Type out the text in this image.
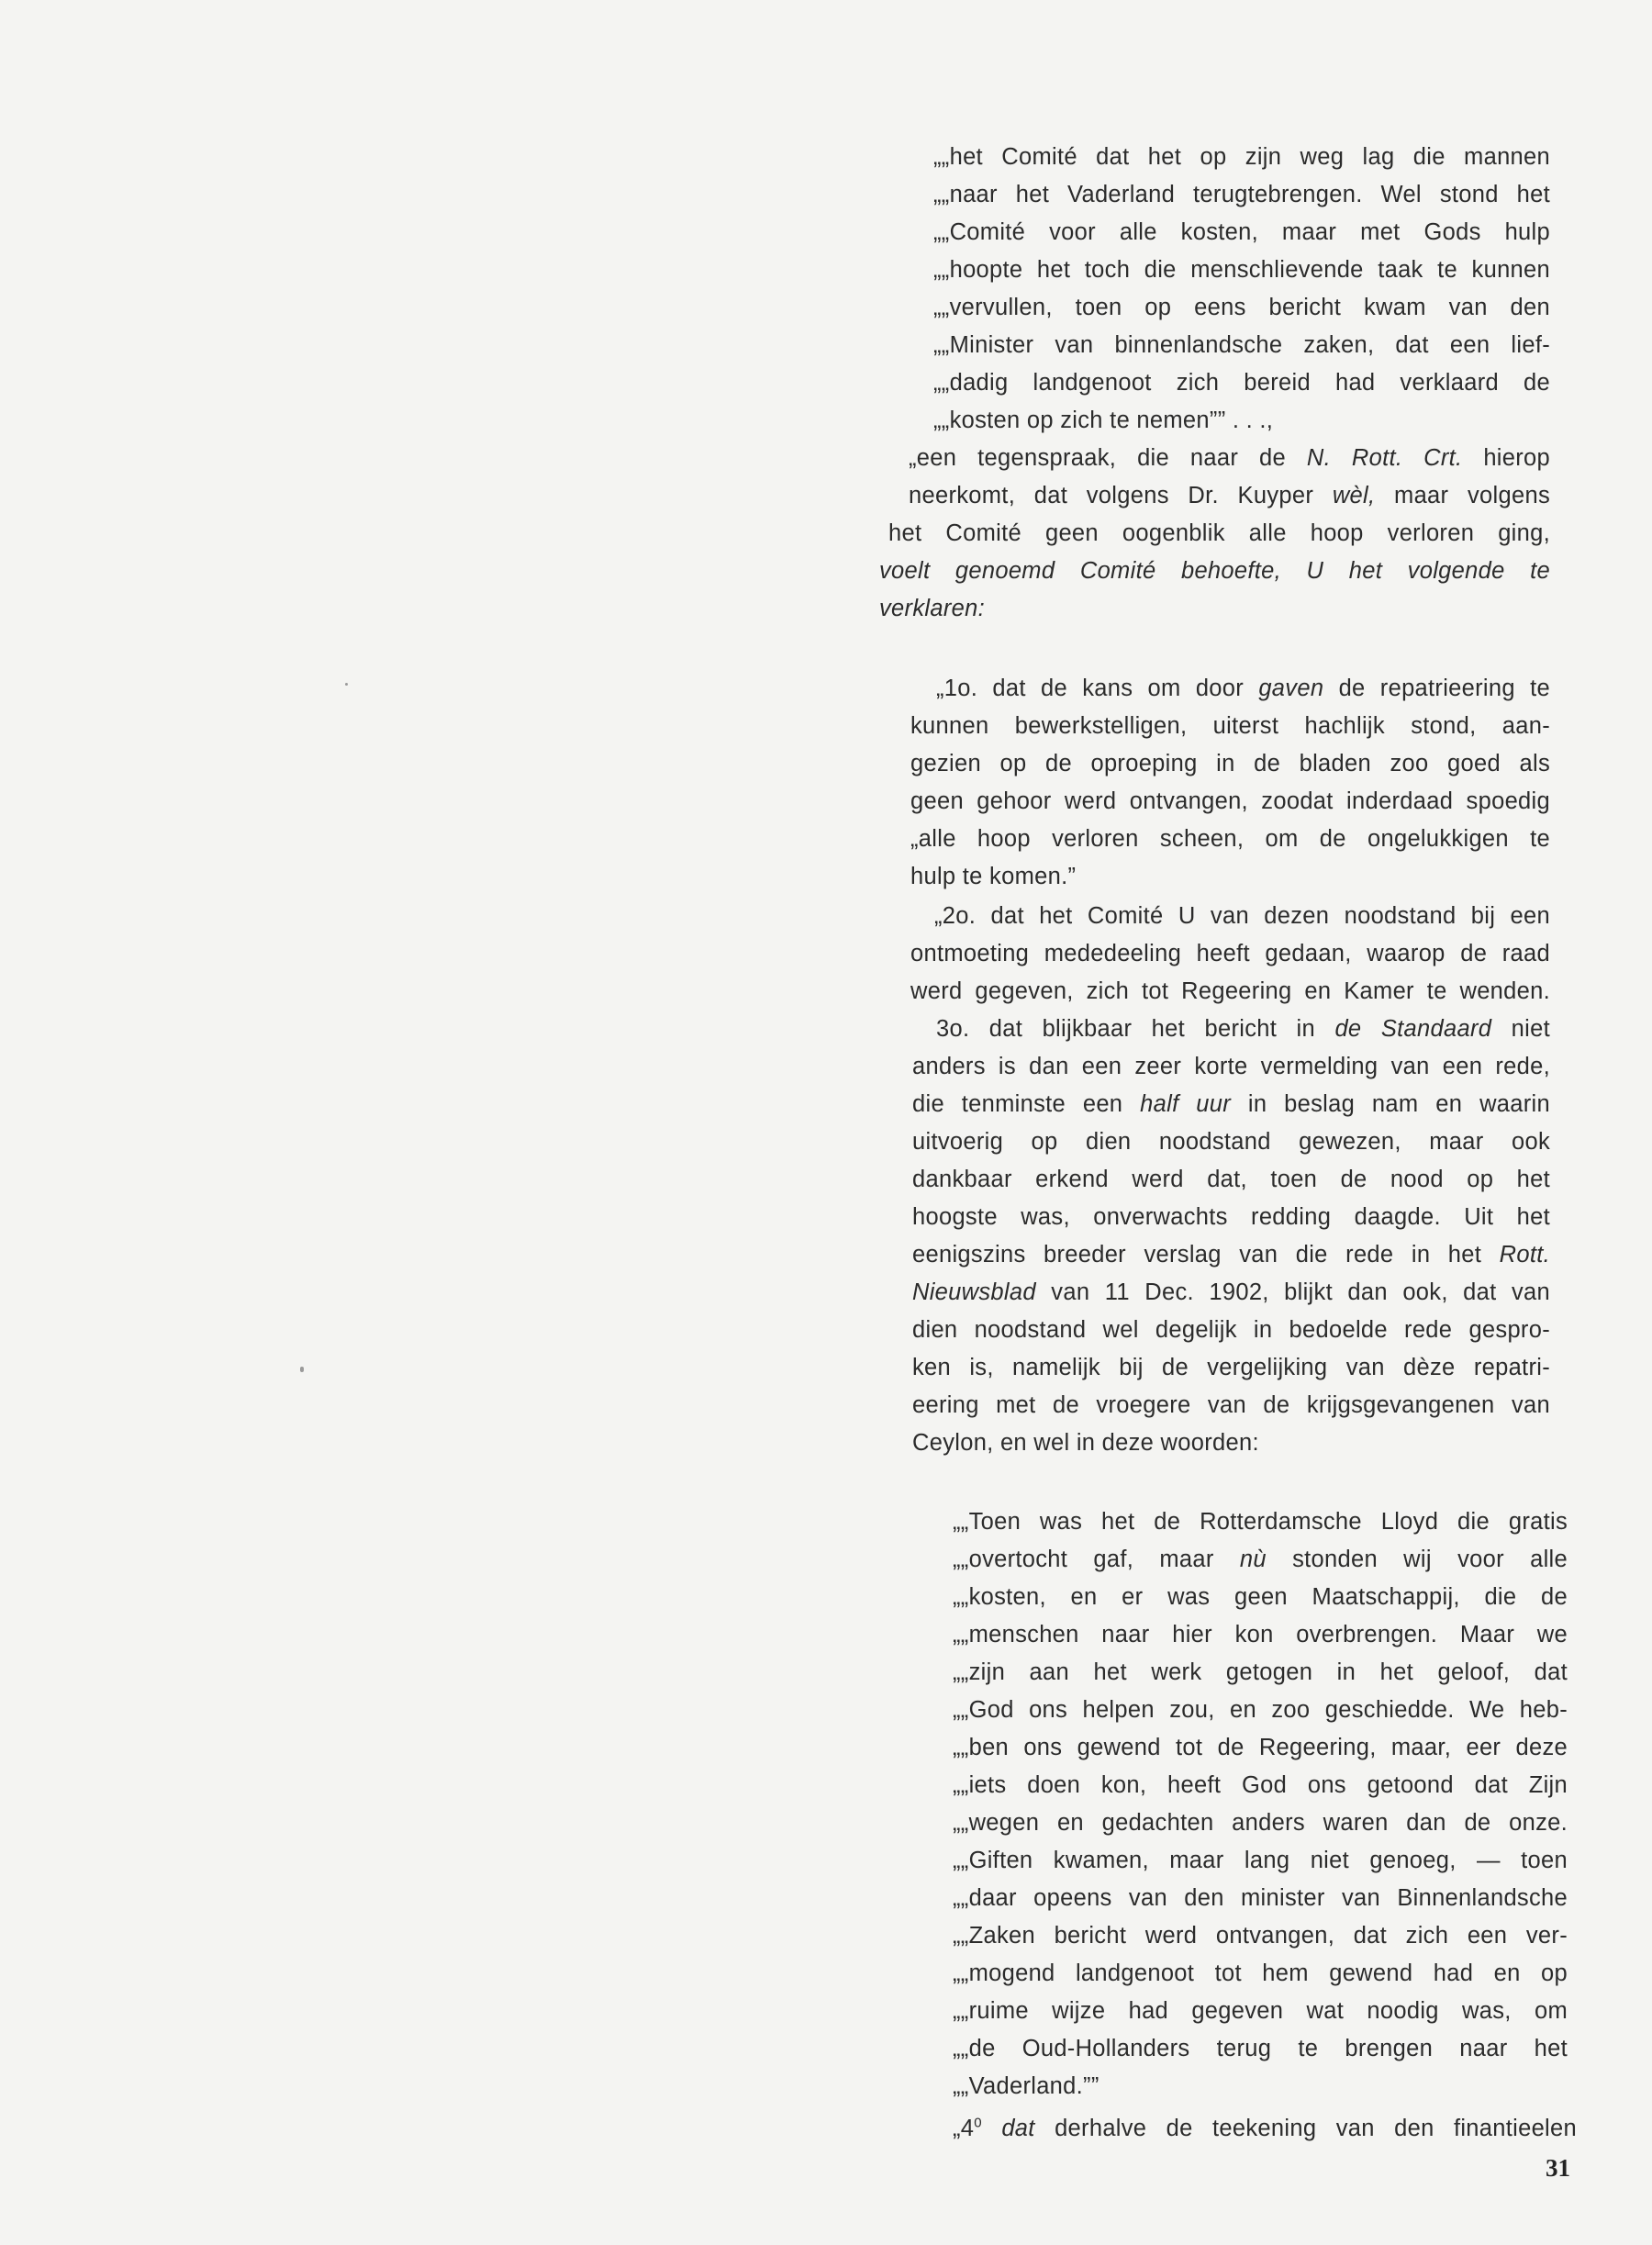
„„het Comité dat het op zijn weg lag die mannen
„„naar het Vaderland terugtebrengen. Wel stond het
„„Comité voor alle kosten, maar met Gods hulp
„„hoopte het toch die menschlievende taak te kunnen
„„vervullen, toen op eens bericht kwam van den
„„Minister van binnenlandsche zaken, dat een lief-
„„dadig landgenoot zich bereid had verklaard de
„„kosten op zich te nemen”” . . .,
„een tegenspraak, die naar de N. Rott. Crt. hierop
neerkomt, dat volgens Dr. Kuyper wèl, maar volgens
het Comité geen oogenblik alle hoop verloren ging,
voelt genoemd Comité behoefte, U het volgende te
verklaren:
„1o. dat de kans om door gaven de repatrieering te
kunnen bewerkstelligen, uiterst hachlijk stond, aan-
gezien op de oproeping in de bladen zoo goed als
geen gehoor werd ontvangen, zoodat inderdaad spoedig
„alle hoop verloren scheen, om de ongelukkigen te
hulp te komen.”
„2o. dat het Comité U van dezen noodstand bij een
ontmoeting mededeeling heeft gedaan, waarop de raad
werd gegeven, zich tot Regeering en Kamer te wenden.
3o. dat blijkbaar het bericht in de Standaard niet
anders is dan een zeer korte vermelding van een rede,
die tenminste een half uur in beslag nam en waarin
uitvoerig op dien noodstand gewezen, maar ook
dankbaar erkend werd dat, toen de nood op het
hoogste was, onverwachts redding daagde. Uit het
eenigszins breeder verslag van die rede in het Rott.
Nieuwsblad van 11 Dec. 1902, blijkt dan ook, dat van
dien noodstand wel degelijk in bedoelde rede gespro-
ken is, namelijk bij de vergelijking van dèze repatri-
eering met de vroegere van de krijgsgevangenen van
Ceylon, en wel in deze woorden:
„„Toen was het de Rotterdamsche Lloyd die gratis
„„overtocht gaf, maar nù stonden wij voor alle
„„kosten, en er was geen Maatschappij, die de
„„menschen naar hier kon overbrengen. Maar we
„„zijn aan het werk getogen in het geloof, dat
„„God ons helpen zou, en zoo geschiedde. We heb-
„„ben ons gewend tot de Regeering, maar, eer deze
„„iets doen kon, heeft God ons getoond dat Zijn
„„wegen en gedachten anders waren dan de onze.
„„Giften kwamen, maar lang niet genoeg, — toen
„„daar opeens van den minister van Binnenlandsche
„„Zaken bericht werd ontvangen, dat zich een ver-
„„mogend landgenoot tot hem gewend had en op
„„ruime wijze had gegeven wat noodig was, om
„„de Oud-Hollanders terug te brengen naar het
„„Vaderland.””
$„4^0$ dat derhalve de teekening van den finantieelen
31
